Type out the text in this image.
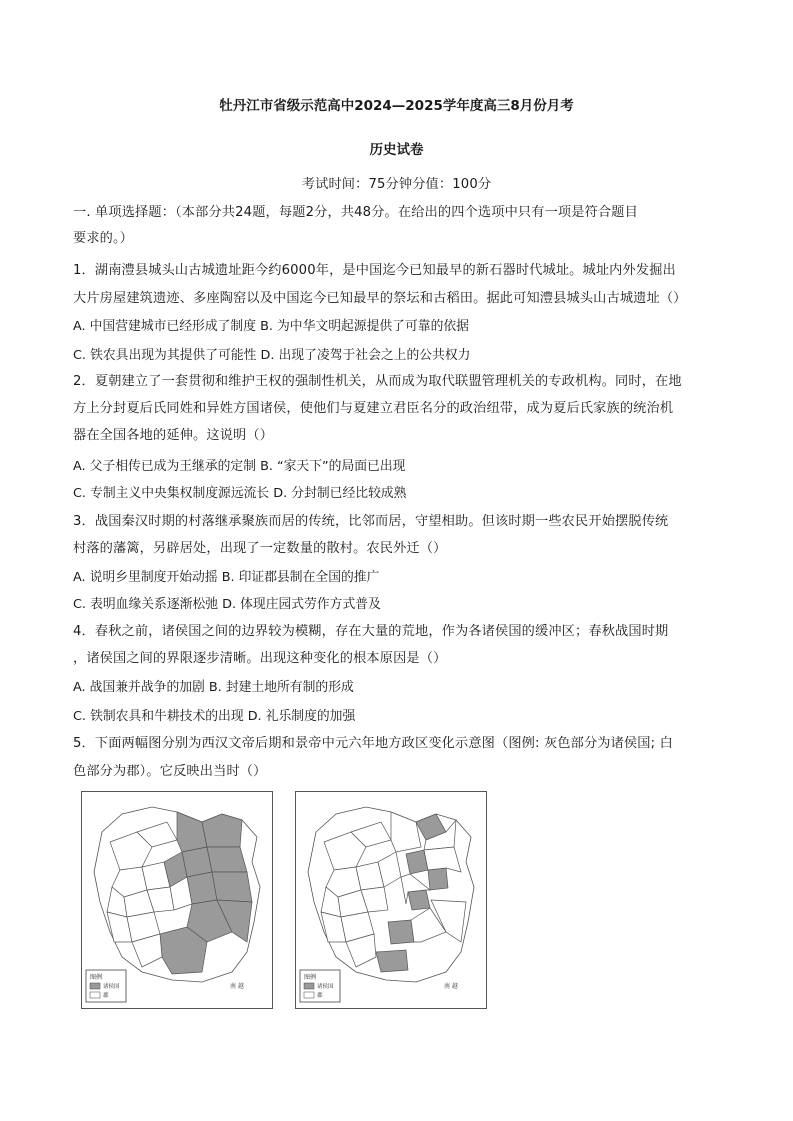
牡丹江市省级示范高中2024—2025学年度高三8月份月考
历史试卷
考试时间：75分钟分值：100分
一. 单项选择题：（本部分共24题，每题2分，共48分。在给出的四个选项中只有一项是符合题目
要求的。）
1．湖南澧县城头山古城遗址距今约6000年，是中国迄今已知最早的新石器时代城址。城址内外发掘出
大片房屋建筑遗迹、多座陶窑以及中国迄今已知最早的祭坛和古稻田。据此可知澧县城头山古城遗址（）
A. 中国营建城市已经形成了制度 B. 为中华文明起源提供了可靠的依据
C. 铁农具出现为其提供了可能性 D. 出现了凌驾于社会之上的公共权力
2．夏朝建立了一套贯彻和维护王权的强制性机关，从而成为取代联盟管理机关的专政机构。同时，在地
方上分封夏后氏同姓和异姓方国诸侯，使他们与夏建立君臣名分的政治纽带，成为夏后氏家族的统治机
器在全国各地的延伸。这说明（）
A. 父子相传已成为王继承的定制 B. “家天下”的局面已出现
C. 专制主义中央集权制度源远流长 D. 分封制已经比较成熟
3．战国秦汉时期的村落继承聚族而居的传统，比邻而居，守望相助。但该时期一些农民开始摆脱传统
村落的藩篱，另辟居处，出现了一定数量的散村。农民外迁（）
A. 说明乡里制度开始动摇 B. 印证郡县制在全国的推广
C. 表明血缘关系逐渐松弛 D. 体现庄园式劳作方式普及
4．春秋之前，诸侯国之间的边界较为模糊，存在大量的荒地，作为各诸侯国的缓冲区；春秋战国时期
，诸侯国之间的界限逐步清晰。出现这种变化的根本原因是（）
A. 战国兼并战争的加剧 B. 封建土地所有制的形成
C. 铁制农具和牛耕技术的出现 D. 礼乐制度的加强
5．下面两幅图分别为西汉文帝后期和景帝中元六年地方政区变化示意图（图例: 灰色部分为诸侯国; 白
色部分为郡）。它反映出当时（）
南 越
图例
诸侯国
郡
南 越
图例
诸侯国
郡
